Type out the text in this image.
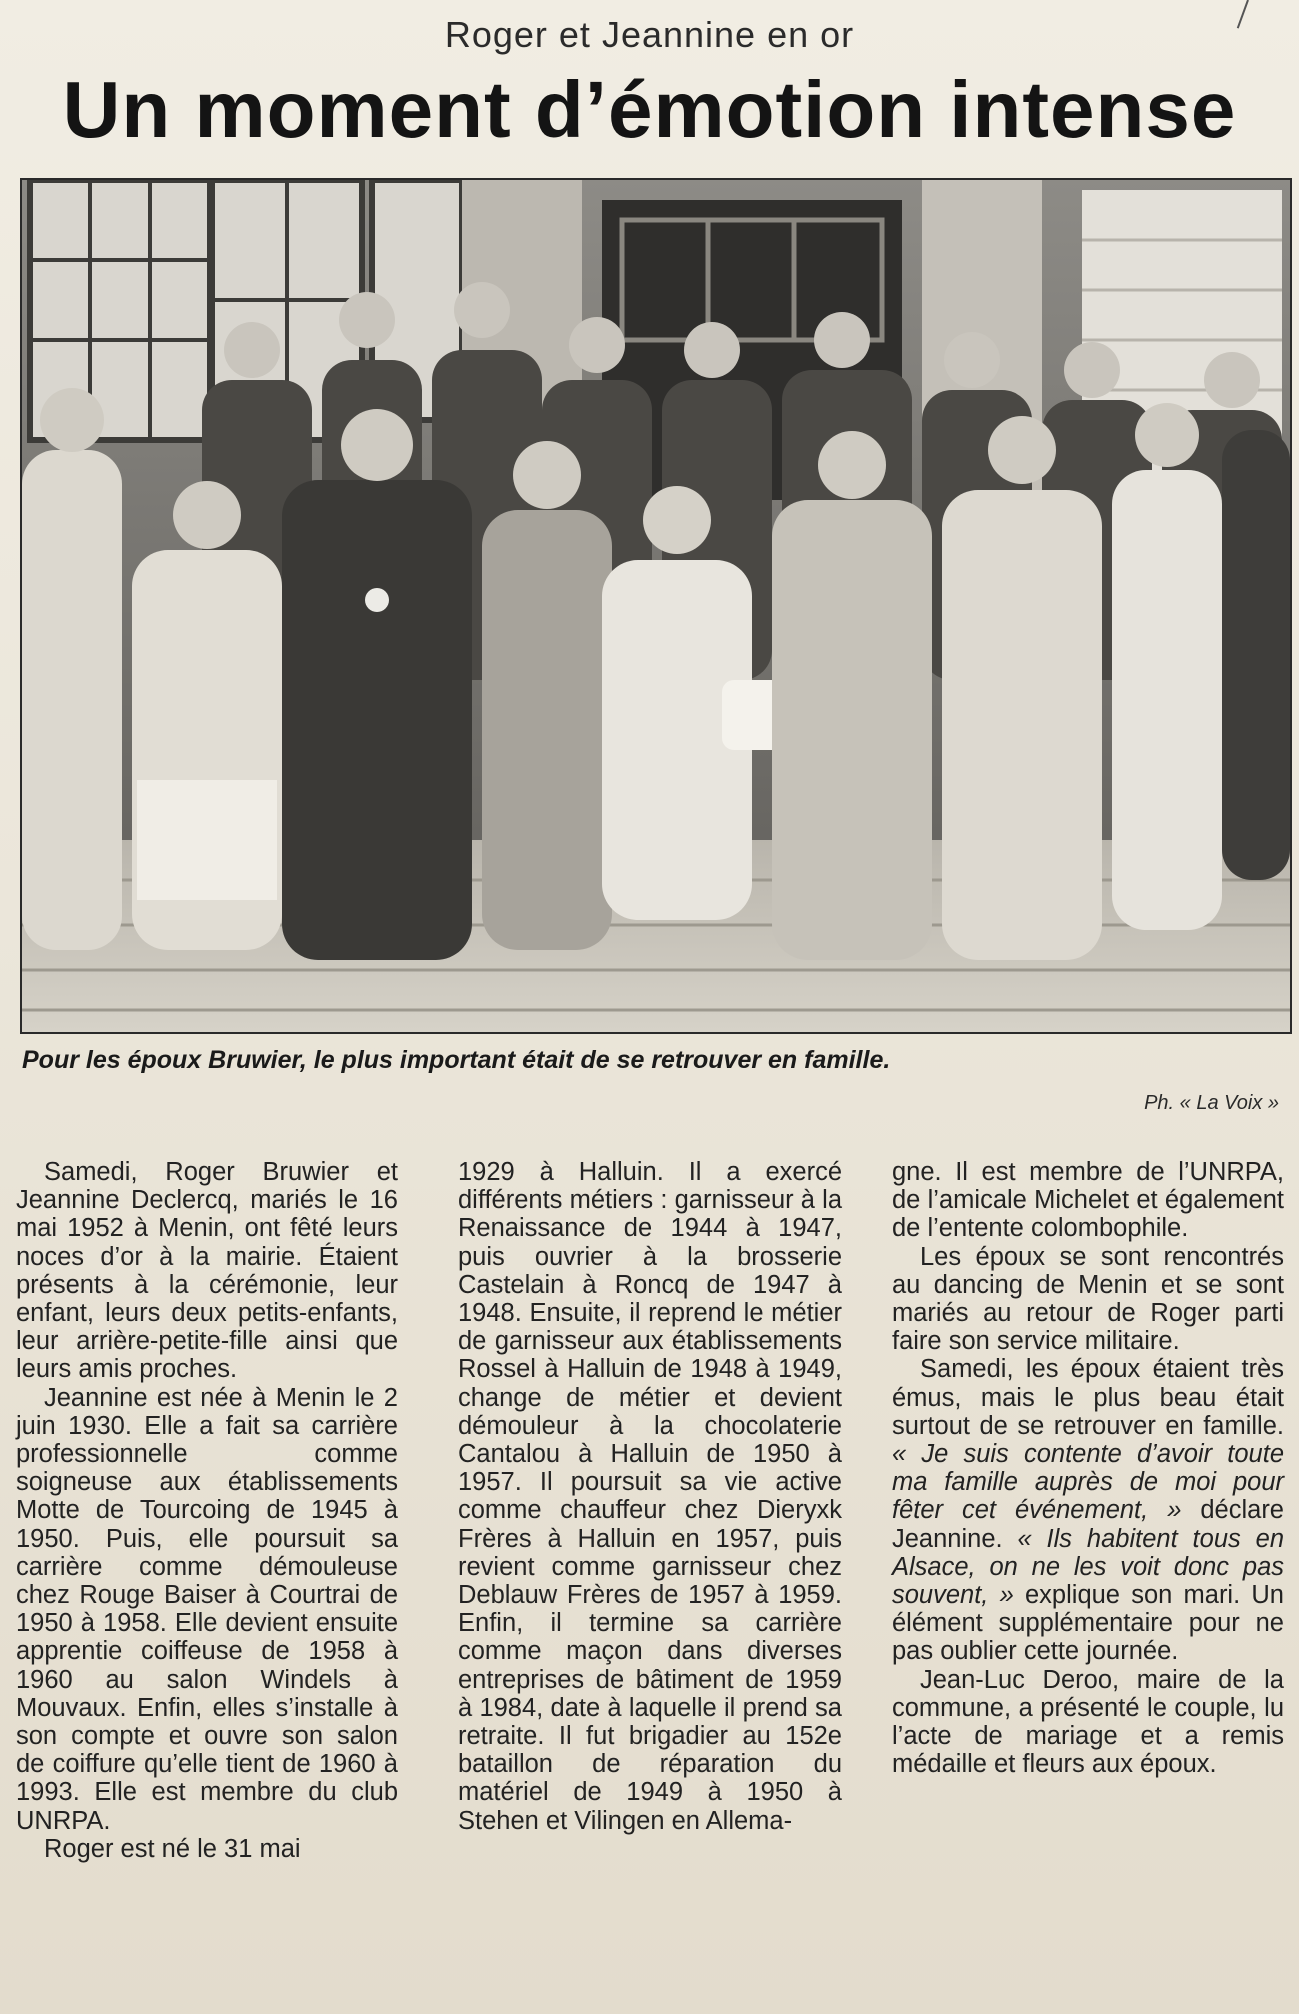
Roger et Jeannine en or
Un moment d’émotion intense
Pour les époux Bruwier, le plus important était de se retrouver en famille.
Ph. « La Voix »

Samedi, Roger Bruwier et Jeannine Declercq, mariés le 16 mai 1952 à Menin, ont fêté leurs noces d’or à la mairie. Étaient présents à la cérémonie, leur enfant, leurs deux petits-enfants, leur arrière-petite-fille ainsi que leurs amis proches.

Jeannine est née à Menin le 2 juin 1930. Elle a fait sa carrière professionnelle comme soigneuse aux établissements Motte de Tourcoing de 1945 à 1950. Puis, elle poursuit sa carrière comme démouleuse chez Rouge Baiser à Courtrai de 1950 à 1958. Elle devient ensuite apprentie coiffeuse de 1958 à 1960 au salon Windels à Mouvaux. Enfin, elles s’installe à son compte et ouvre son salon de coiffure qu’elle tient de 1960 à 1993. Elle est membre du club UNRPA.

Roger est né le 31 mai

1929 à Halluin. Il a exercé différents métiers : garnisseur à la Renaissance de 1944 à 1947, puis ouvrier à la brosserie Castelain à Roncq de 1947 à 1948. Ensuite, il reprend le métier de garnisseur aux établissements Rossel à Halluin de 1948 à 1949, change de métier et devient démouleur à la chocolaterie Cantalou à Halluin de 1950 à 1957. Il poursuit sa vie active comme chauffeur chez Dieryxk Frères à Halluin en 1957, puis revient comme garnisseur chez Deblauw Frères de 1957 à 1959. Enfin, il termine sa carrière comme maçon dans diverses entreprises de bâtiment de 1959 à 1984, date à laquelle il prend sa retraite. Il fut brigadier au 152e bataillon de réparation du matériel de 1949 à 1950 à Stehen et Vilingen en Allema-

gne. Il est membre de l’UNRPA, de l’amicale Michelet et également de l’entente colombophile.

Les époux se sont rencontrés au dancing de Menin et se sont mariés au retour de Roger parti faire son service militaire.

Samedi, les époux étaient très émus, mais le plus beau était surtout de se retrouver en famille. « Je suis contente d’avoir toute ma famille auprès de moi pour fêter cet événement, » déclare Jeannine. « Ils habitent tous en Alsace, on ne les voit donc pas souvent, » explique son mari. Un élément supplémentaire pour ne pas oublier cette journée.

Jean-Luc Deroo, maire de la commune, a présenté le couple, lu l’acte de mariage et a remis médaille et fleurs aux époux.
